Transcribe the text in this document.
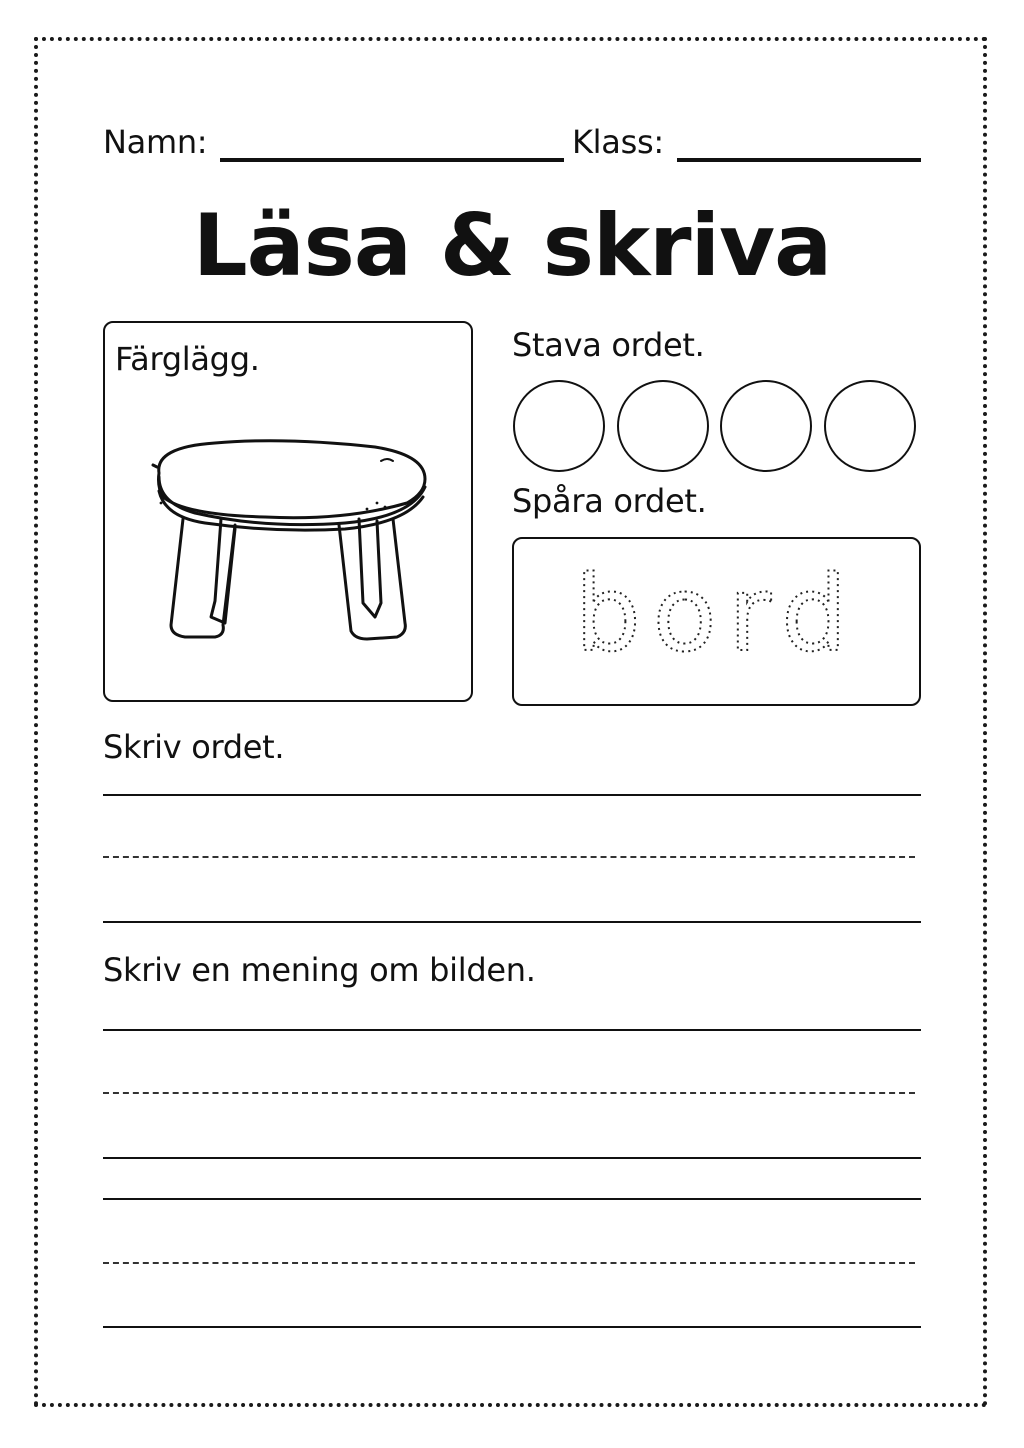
Namn:	Klass:
Läsa & skriva
Färglägg.	Stava ordet.
Spåra ordet.
bord
Skriv ordet.
Skriv en mening om bilden.
